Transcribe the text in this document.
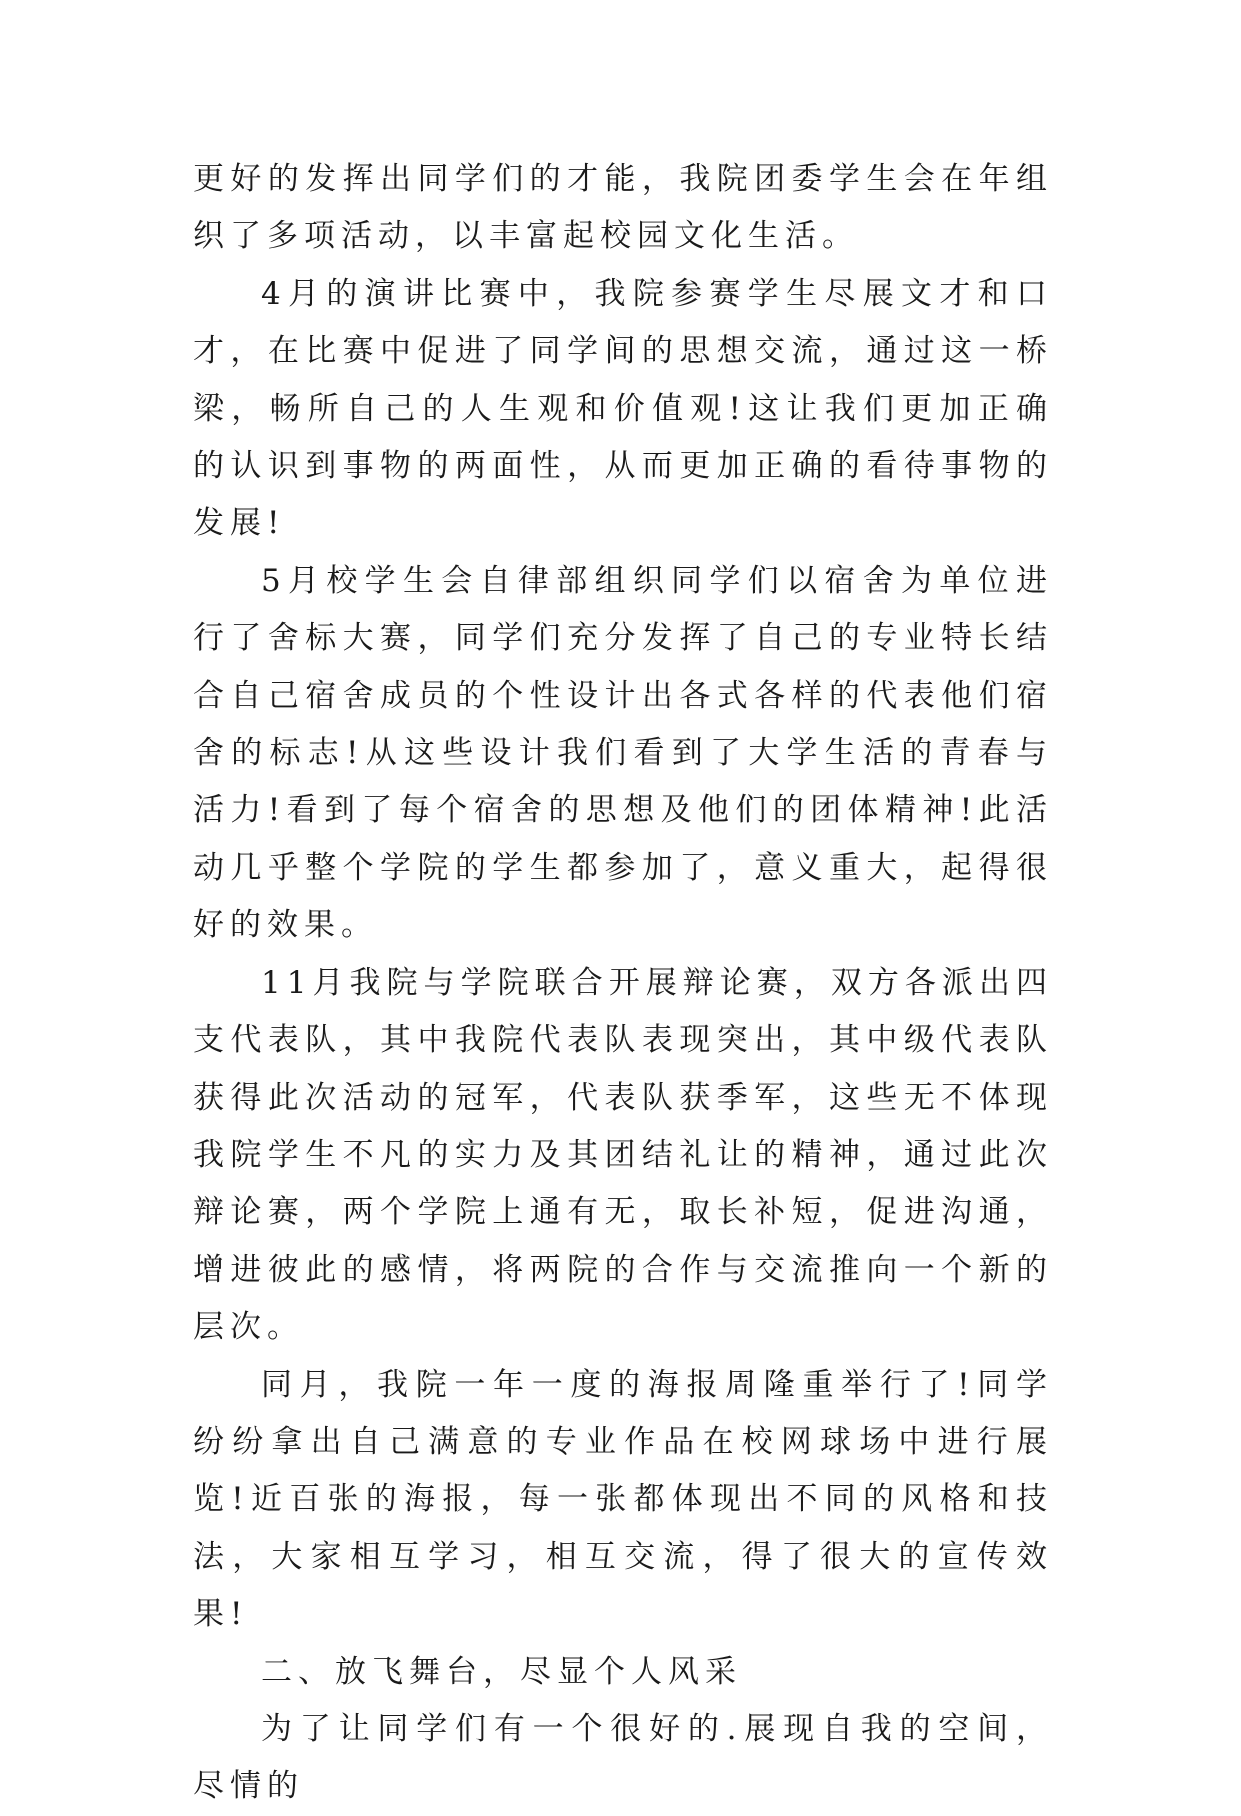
更好的发挥出同学们的才能，我院团委学生会在年组织了多项活动，以丰富起校园文化生活。

4月的演讲比赛中，我院参赛学生尽展文才和口才，在比赛中促进了同学间的思想交流，通过这一桥梁，畅所自己的人生观和价值观!这让我们更加正确的认识到事物的两面性，从而更加正确的看待事物的发展!

5月校学生会自律部组织同学们以宿舍为单位进行了舍标大赛，同学们充分发挥了自己的专业特长结合自己宿舍成员的个性设计出各式各样的代表他们宿舍的标志!从这些设计我们看到了大学生活的青春与活力!看到了每个宿舍的思想及他们的团体精神!此活动几乎整个学院的学生都参加了，意义重大，起得很好的效果。

11月我院与学院联合开展辩论赛，双方各派出四支代表队，其中我院代表队表现突出，其中级代表队获得此次活动的冠军，代表队获季军，这些无不体现我院学生不凡的实力及其团结礼让的精神，通过此次辩论赛，两个学院上通有无，取长补短，促进沟通，增进彼此的感情，将两院的合作与交流推向一个新的层次。

同月，我院一年一度的海报周隆重举行了!同学纷纷拿出自己满意的专业作品在校网球场中进行展览!近百张的海报，每一张都体现出不同的风格和技法，大家相互学习，相互交流，得了很大的宣传效果!

二、放飞舞台，尽显个人风采

为了让同学们有一个很好的.展现自我的空间，尽情的
